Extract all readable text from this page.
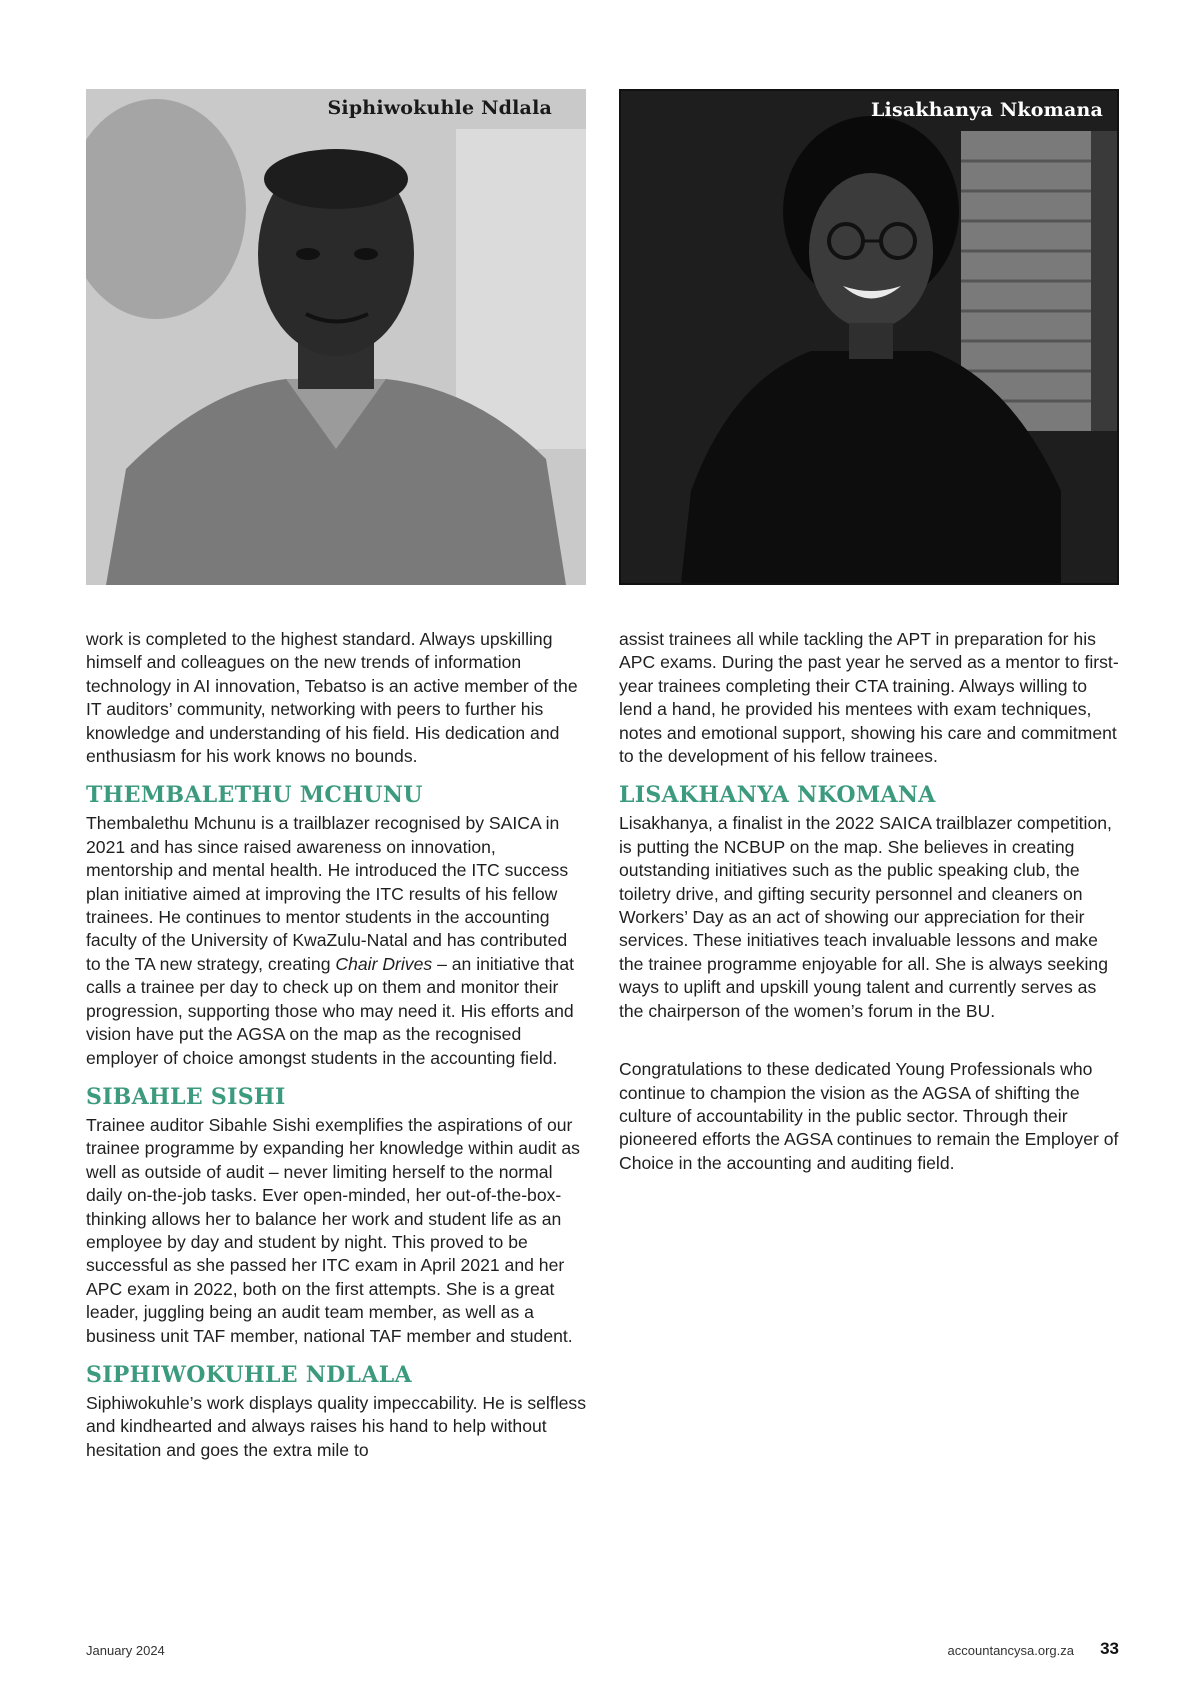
Siphiwokuhle Ndlala	Lisakhanya Nkomana

work is completed to the highest standard. Always upskilling himself and colleagues on the new trends of information technology in AI innovation, Tebatso is an active member of the IT auditors’ community, networking with peers to further his knowledge and understanding of his field. His dedication and enthusiasm for his work knows no bounds.

THEMBALETHU MCHUNU

Thembalethu Mchunu is a trailblazer recognised by SAICA in 2021 and has since raised awareness on innovation, mentorship and mental health. He introduced the ITC success plan initiative aimed at improving the ITC results of his fellow trainees. He continues to mentor students in the accounting faculty of the University of KwaZulu-Natal and has contributed to the TA new strategy, creating Chair Drives – an initiative that calls a trainee per day to check up on them and monitor their progression, supporting those who may need it. His efforts and vision have put the AGSA on the map as the recognised employer of choice amongst students in the accounting field.

SIBAHLE SISHI

Trainee auditor Sibahle Sishi exemplifies the aspirations of our trainee programme by expanding her knowledge within audit as well as outside of audit – never limiting herself to the normal daily on-the-job tasks. Ever open-minded, her out-of-the-box-thinking allows her to balance her work and student life as an employee by day and student by night. This proved to be successful as she passed her ITC exam in April 2021 and her APC exam in 2022, both on the first attempts. She is a great leader, juggling being an audit team member, as well as a business unit TAF member, national TAF member and student.

SIPHIWOKUHLE NDLALA

Siphiwokuhle’s work displays quality impeccability. He is selfless and kindhearted and always raises his hand to help without hesitation and goes the extra mile to

assist trainees all while tackling the APT in preparation for his APC exams. During the past year he served as a mentor to first-year trainees completing their CTA training. Always willing to lend a hand, he provided his mentees with exam techniques, notes and emotional support, showing his care and commitment to the development of his fellow trainees.

LISAKHANYA NKOMANA

Lisakhanya, a finalist in the 2022 SAICA trailblazer competition, is putting the NCBUP on the map. She believes in creating outstanding initiatives such as the public speaking club, the toiletry drive, and gifting security personnel and cleaners on Workers’ Day as an act of showing our appreciation for their services. These initiatives teach invaluable lessons and make the trainee programme enjoyable for all. She is always seeking ways to uplift and upskill young talent and currently serves as the chairperson of the women’s forum in the BU.

Congratulations to these dedicated Young Professionals who continue to champion the vision as the AGSA of shifting the culture of accountability in the public sector. Through their pioneered efforts the AGSA continues to remain the Employer of Choice in the accounting and auditing field.

January 2024	accountancysa.org.za 33
